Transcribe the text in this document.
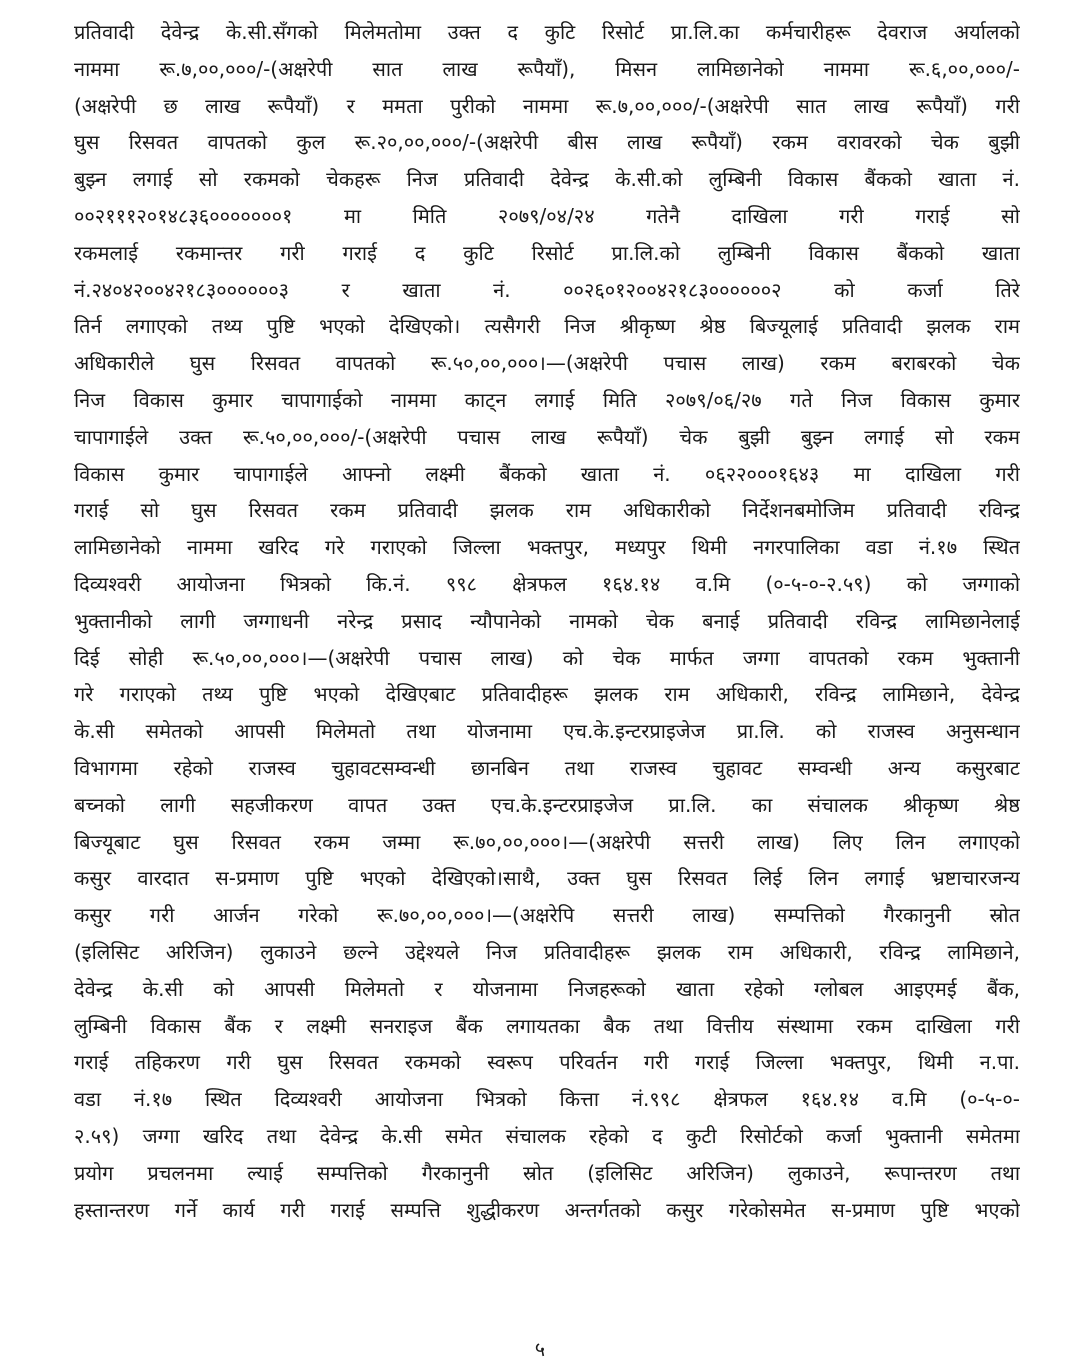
प्रतिवादी देवेन्द्र के.सी.सँगको मिलेमतोमा उक्त द कुटि रिसोर्ट प्रा.लि.का कर्मचारीहरू देवराज अर्यालको
नाममा रू.७,००,०००/-(अक्षरेपी सात लाख रूपैयाँ), मिसन लामिछानेको नाममा रू.६,००,०००/-
(अक्षरेपी छ लाख रूपैयाँ) र ममता पुरीको नाममा रू.७,००,०००/-(अक्षरेपी सात लाख रूपैयाँ) गरी
घुस रिसवत वापतको कुल रू.२०,००,०००/-(अक्षरेपी बीस लाख रूपैयाँ) रकम वरावरको चेक बुझी
बुझ्न लगाई सो रकमको चेकहरू निज प्रतिवादी देवेन्द्र के.सी.को लुम्बिनी विकास बैंकको खाता नं.
००२१११२०१४८३६०००००००१ मा मिति २०७९/०४/२४ गतेनै दाखिला गरी गराई सो
रकमलाई रकमान्तर गरी गराई द कुटि रिसोर्ट प्रा.लि.को लुम्बिनी विकास बैंकको खाता
नं.२४०४२००४२१८३००००००३ र खाता नं. ००२६०१२००४२१८३००००००२ को कर्जा तिरे
तिर्न लगाएको तथ्य पुष्टि भएको देखिएको। त्यसैगरी निज श्रीकृष्ण श्रेष्ठ बिज्यूलाई प्रतिवादी झलक राम
अधिकारीले घुस रिसवत वापतको रू.५०,००,०००।—(अक्षरेपी पचास लाख) रकम बराबरको चेक
निज विकास कुमार चापागाईको नाममा काट्न लगाई मिति २०७९/०६/२७ गते निज विकास कुमार
चापागाईले उक्त रू.५०,००,०००/-(अक्षरेपी पचास लाख रूपैयाँ) चेक बुझी बुझ्न लगाई सो रकम
विकास कुमार चापागाईले आफ्नो लक्ष्मी बैंकको खाता नं. ०६२२०००१६४३ मा दाखिला गरी
गराई सो घुस रिसवत रकम प्रतिवादी झलक राम अधिकारीको निर्देशनबमोजिम प्रतिवादी रविन्द्र
लामिछानेको नाममा खरिद गरे गराएको जिल्ला भक्तपुर, मध्यपुर थिमी नगरपालिका वडा नं.१७ स्थित
दिव्यश्वरी आयोजना भित्रको कि.नं. ९९८ क्षेत्रफल १६४.१४ व.मि (०-५-०-२.५९) को जग्गाको
भुक्तानीको लागी जग्गाधनी नरेन्द्र प्रसाद न्यौपानेको नामको चेक बनाई प्रतिवादी रविन्द्र लामिछानेलाई
दिई सोही रू.५०,००,०००।—(अक्षरेपी पचास लाख) को चेक मार्फत जग्गा वापतको रकम भुक्तानी
गरे गराएको तथ्य पुष्टि भएको देखिएबाट प्रतिवादीहरू झलक राम अधिकारी, रविन्द्र लामिछाने, देवेन्द्र
के.सी समेतको आपसी मिलेमतो तथा योजनामा एच.के.इन्टरप्राइजेज प्रा.लि. को राजस्व अनुसन्धान
विभागमा रहेको राजस्व चुहावटसम्वन्धी छानबिन तथा राजस्व चुहावट सम्वन्धी अन्य कसुरबाट
बच्नको लागी सहजीकरण वापत उक्त एच.के.इन्टरप्राइजेज प्रा.लि. का संचालक श्रीकृष्ण श्रेष्ठ
बिज्यूबाट घुस रिसवत रकम जम्मा रू.७०,००,०००।—(अक्षरेपी सत्तरी लाख) लिए लिन लगाएको
कसुर वारदात स-प्रमाण पुष्टि भएको देखिएको।साथै, उक्त घुस रिसवत लिई लिन लगाई भ्रष्टाचारजन्य
कसुर गरी आर्जन गरेको रू.७०,००,०००।—(अक्षरेपि सत्तरी लाख) सम्पत्तिको गैरकानुनी स्रोत
(इलिसिट अरिजिन) लुकाउने छल्ने उद्देश्यले निज प्रतिवादीहरू झलक राम अधिकारी, रविन्द्र लामिछाने,
देवेन्द्र के.सी को आपसी मिलेमतो र योजनामा निजहरूको खाता रहेको ग्लोबल आइएमई बैंक,
लुम्बिनी विकास बैंक र लक्ष्मी सनराइज बैंक लगायतका बैक तथा वित्तीय संस्थामा रकम दाखिला गरी
गराई तहिकरण गरी घुस रिसवत रकमको स्वरूप परिवर्तन गरी गराई जिल्ला भक्तपुर, थिमी न.पा.
वडा नं.१७ स्थित दिव्यश्वरी आयोजना भित्रको कित्ता नं.९९८ क्षेत्रफल १६४.१४ व.मि (०-५-०-
२.५९) जग्गा खरिद तथा देवेन्द्र के.सी समेत संचालक रहेको द कुटी रिसोर्टको कर्जा भुक्तानी समेतमा
प्रयोग प्रचलनमा ल्याई सम्पत्तिको गैरकानुनी स्रोत (इलिसिट अरिजिन) लुकाउने, रूपान्तरण तथा
हस्तान्तरण गर्ने कार्य गरी गराई सम्पत्ति शुद्धीकरण अन्तर्गतको कसुर गरेकोसमेत स-प्रमाण पुष्टि भएको
५
